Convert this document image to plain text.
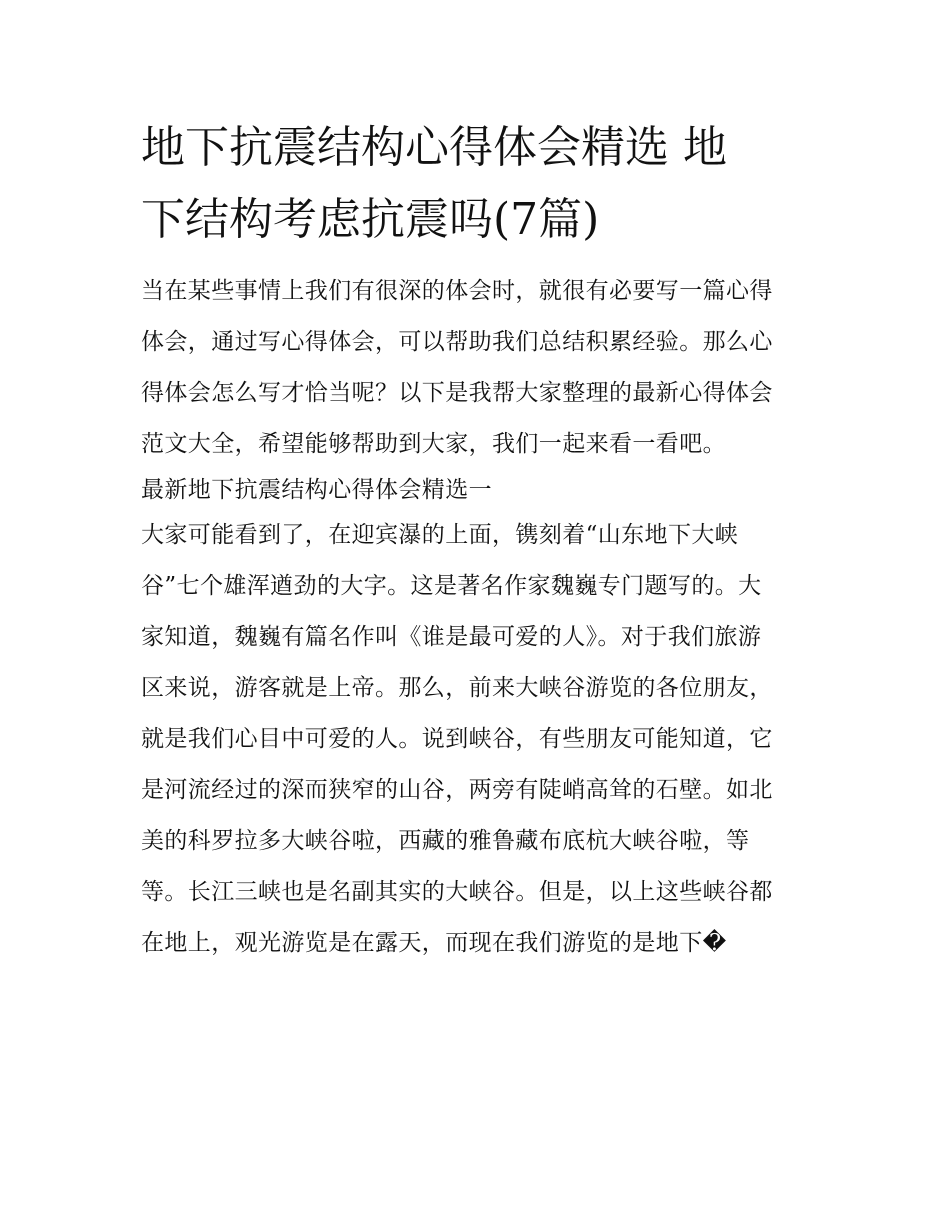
地下抗震结构心得体会精选 地
下结构考虑抗震吗(7篇)
当在某些事情上我们有很深的体会时，就很有必要写一篇心得
体会，通过写心得体会，可以帮助我们总结积累经验。那么心
得体会怎么写才恰当呢？以下是我帮大家整理的最新心得体会
范文大全，希望能够帮助到大家，我们一起来看一看吧。
最新地下抗震结构心得体会精选一
大家可能看到了，在迎宾瀑的上面，镌刻着“山东地下大峡
谷”七个雄浑遒劲的大字。这是著名作家魏巍专门题写的。大
家知道，魏巍有篇名作叫《谁是最可爱的人》。对于我们旅游
区来说，游客就是上帝。那么，前来大峡谷游览的各位朋友，
就是我们心目中可爱的人。说到峡谷，有些朋友可能知道，它
是河流经过的深而狭窄的山谷，两旁有陡峭高耸的石壁。如北
美的科罗拉多大峡谷啦，西藏的雅鲁藏布底杭大峡谷啦，等
等。长江三峡也是名副其实的大峡谷。但是，以上这些峡谷都
在地上，观光游览是在露天，而现在我们游览的是地下�
